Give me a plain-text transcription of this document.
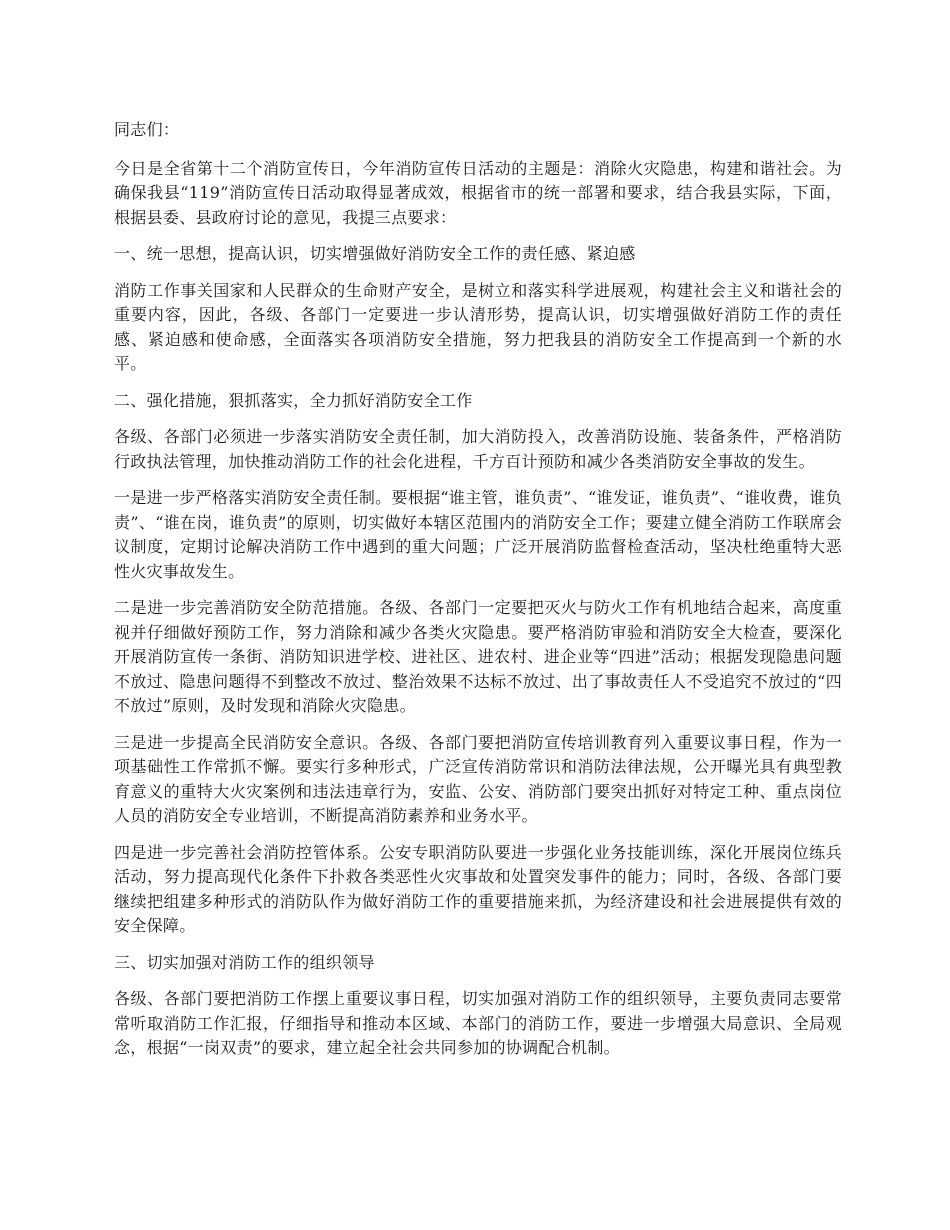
同志们：

今日是全省第十二个消防宣传日，今年消防宣传日活动的主题是：消除火灾隐患，构建和谐社会。为确保我县“119”消防宣传日活动取得显著成效，根据省市的统一部署和要求，结合我县实际，下面，根据县委、县政府讨论的意见，我提三点要求：

一、统一思想，提高认识，切实增强做好消防安全工作的责任感、紧迫感

消防工作事关国家和人民群众的生命财产安全，是树立和落实科学进展观，构建社会主义和谐社会的重要内容，因此，各级、各部门一定要进一步认清形势，提高认识，切实增强做好消防工作的责任感、紧迫感和使命感，全面落实各项消防安全措施，努力把我县的消防安全工作提高到一个新的水平。

二、强化措施，狠抓落实，全力抓好消防安全工作

各级、各部门必须进一步落实消防安全责任制，加大消防投入，改善消防设施、装备条件，严格消防行政执法管理，加快推动消防工作的社会化进程，千方百计预防和减少各类消防安全事故的发生。

一是进一步严格落实消防安全责任制。要根据“谁主管，谁负责”、“谁发证，谁负责”、“谁收费，谁负责”、“谁在岗，谁负责”的原则，切实做好本辖区范围内的消防安全工作；要建立健全消防工作联席会议制度，定期讨论解决消防工作中遇到的重大问题；广泛开展消防监督检查活动，坚决杜绝重特大恶性火灾事故发生。

二是进一步完善消防安全防范措施。各级、各部门一定要把灭火与防火工作有机地结合起来，高度重视并仔细做好预防工作，努力消除和减少各类火灾隐患。要严格消防审验和消防安全大检查，要深化开展消防宣传一条街、消防知识进学校、进社区、进农村、进企业等“四进”活动；根据发现隐患问题不放过、隐患问题得不到整改不放过、整治效果不达标不放过、出了事故责任人不受追究不放过的“四不放过”原则，及时发现和消除火灾隐患。

三是进一步提高全民消防安全意识。各级、各部门要把消防宣传培训教育列入重要议事日程，作为一项基础性工作常抓不懈。要实行多种形式，广泛宣传消防常识和消防法律法规，公开曝光具有典型教育意义的重特大火灾案例和违法违章行为，安监、公安、消防部门要突出抓好对特定工种、重点岗位人员的消防安全专业培训，不断提高消防素养和业务水平。

四是进一步完善社会消防控管体系。公安专职消防队要进一步强化业务技能训练，深化开展岗位练兵活动，努力提高现代化条件下扑救各类恶性火灾事故和处置突发事件的能力；同时，各级、各部门要继续把组建多种形式的消防队作为做好消防工作的重要措施来抓，为经济建设和社会进展提供有效的安全保障。

三、切实加强对消防工作的组织领导

各级、各部门要把消防工作摆上重要议事日程，切实加强对消防工作的组织领导，主要负责同志要常常听取消防工作汇报，仔细指导和推动本区域、本部门的消防工作，要进一步增强大局意识、全局观念，根据“一岗双责”的要求，建立起全社会共同参加的协调配合机制。
